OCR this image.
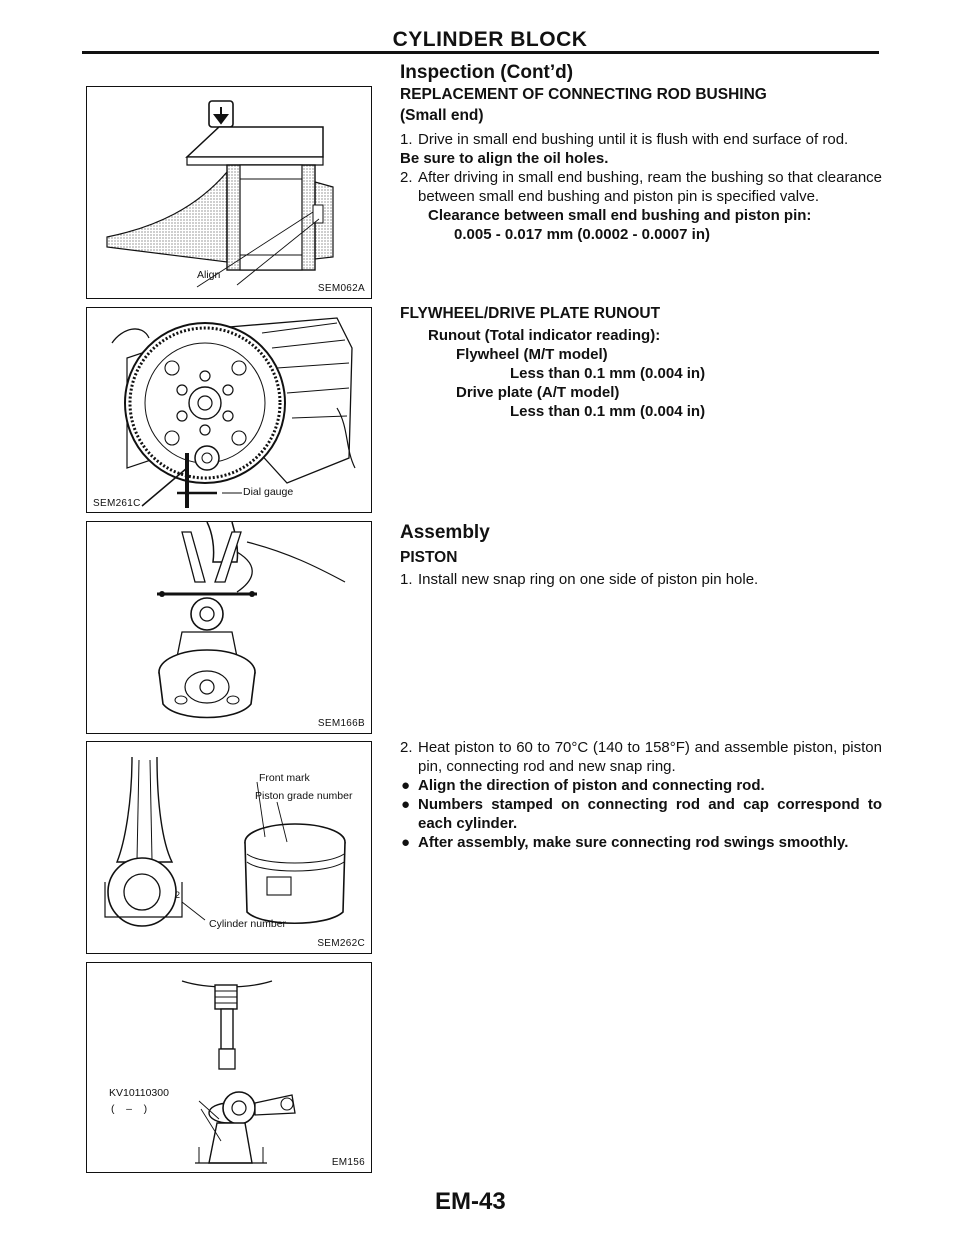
CYLINDER BLOCK
Align
SEM062A
Dial gauge
SEM261C
SEM166B
2
Front mark
Piston grade number
Cylinder number
SEM262C
KV10110300
(    –    )
EM156
Inspection (Cont’d)
REPLACEMENT OF CONNECTING ROD BUSHING
(Small end)
1. Drive in small end bushing until it is flush with end surface of rod.
Be sure to align the oil holes.
2. After driving in small end bushing, ream the bushing so that clearance between small end bushing and piston pin is specified valve.
Clearance between small end bushing and piston pin:
0.005 - 0.017 mm (0.0002 - 0.0007 in)
FLYWHEEL/DRIVE PLATE RUNOUT
Runout (Total indicator reading):
Flywheel (M/T model)
Less than 0.1 mm (0.004 in)
Drive plate (A/T model)
Less than 0.1 mm (0.004 in)
Assembly
PISTON
1. Install new snap ring on one side of piston pin hole.
2. Heat piston to 60 to 70°C (140 to 158°F) and assemble piston, piston pin, connecting rod and new snap ring.
● Align the direction of piston and connecting rod.
● Numbers stamped on connecting rod and cap correspond to each cylinder.
● After assembly, make sure connecting rod swings smoothly.
EM-43
